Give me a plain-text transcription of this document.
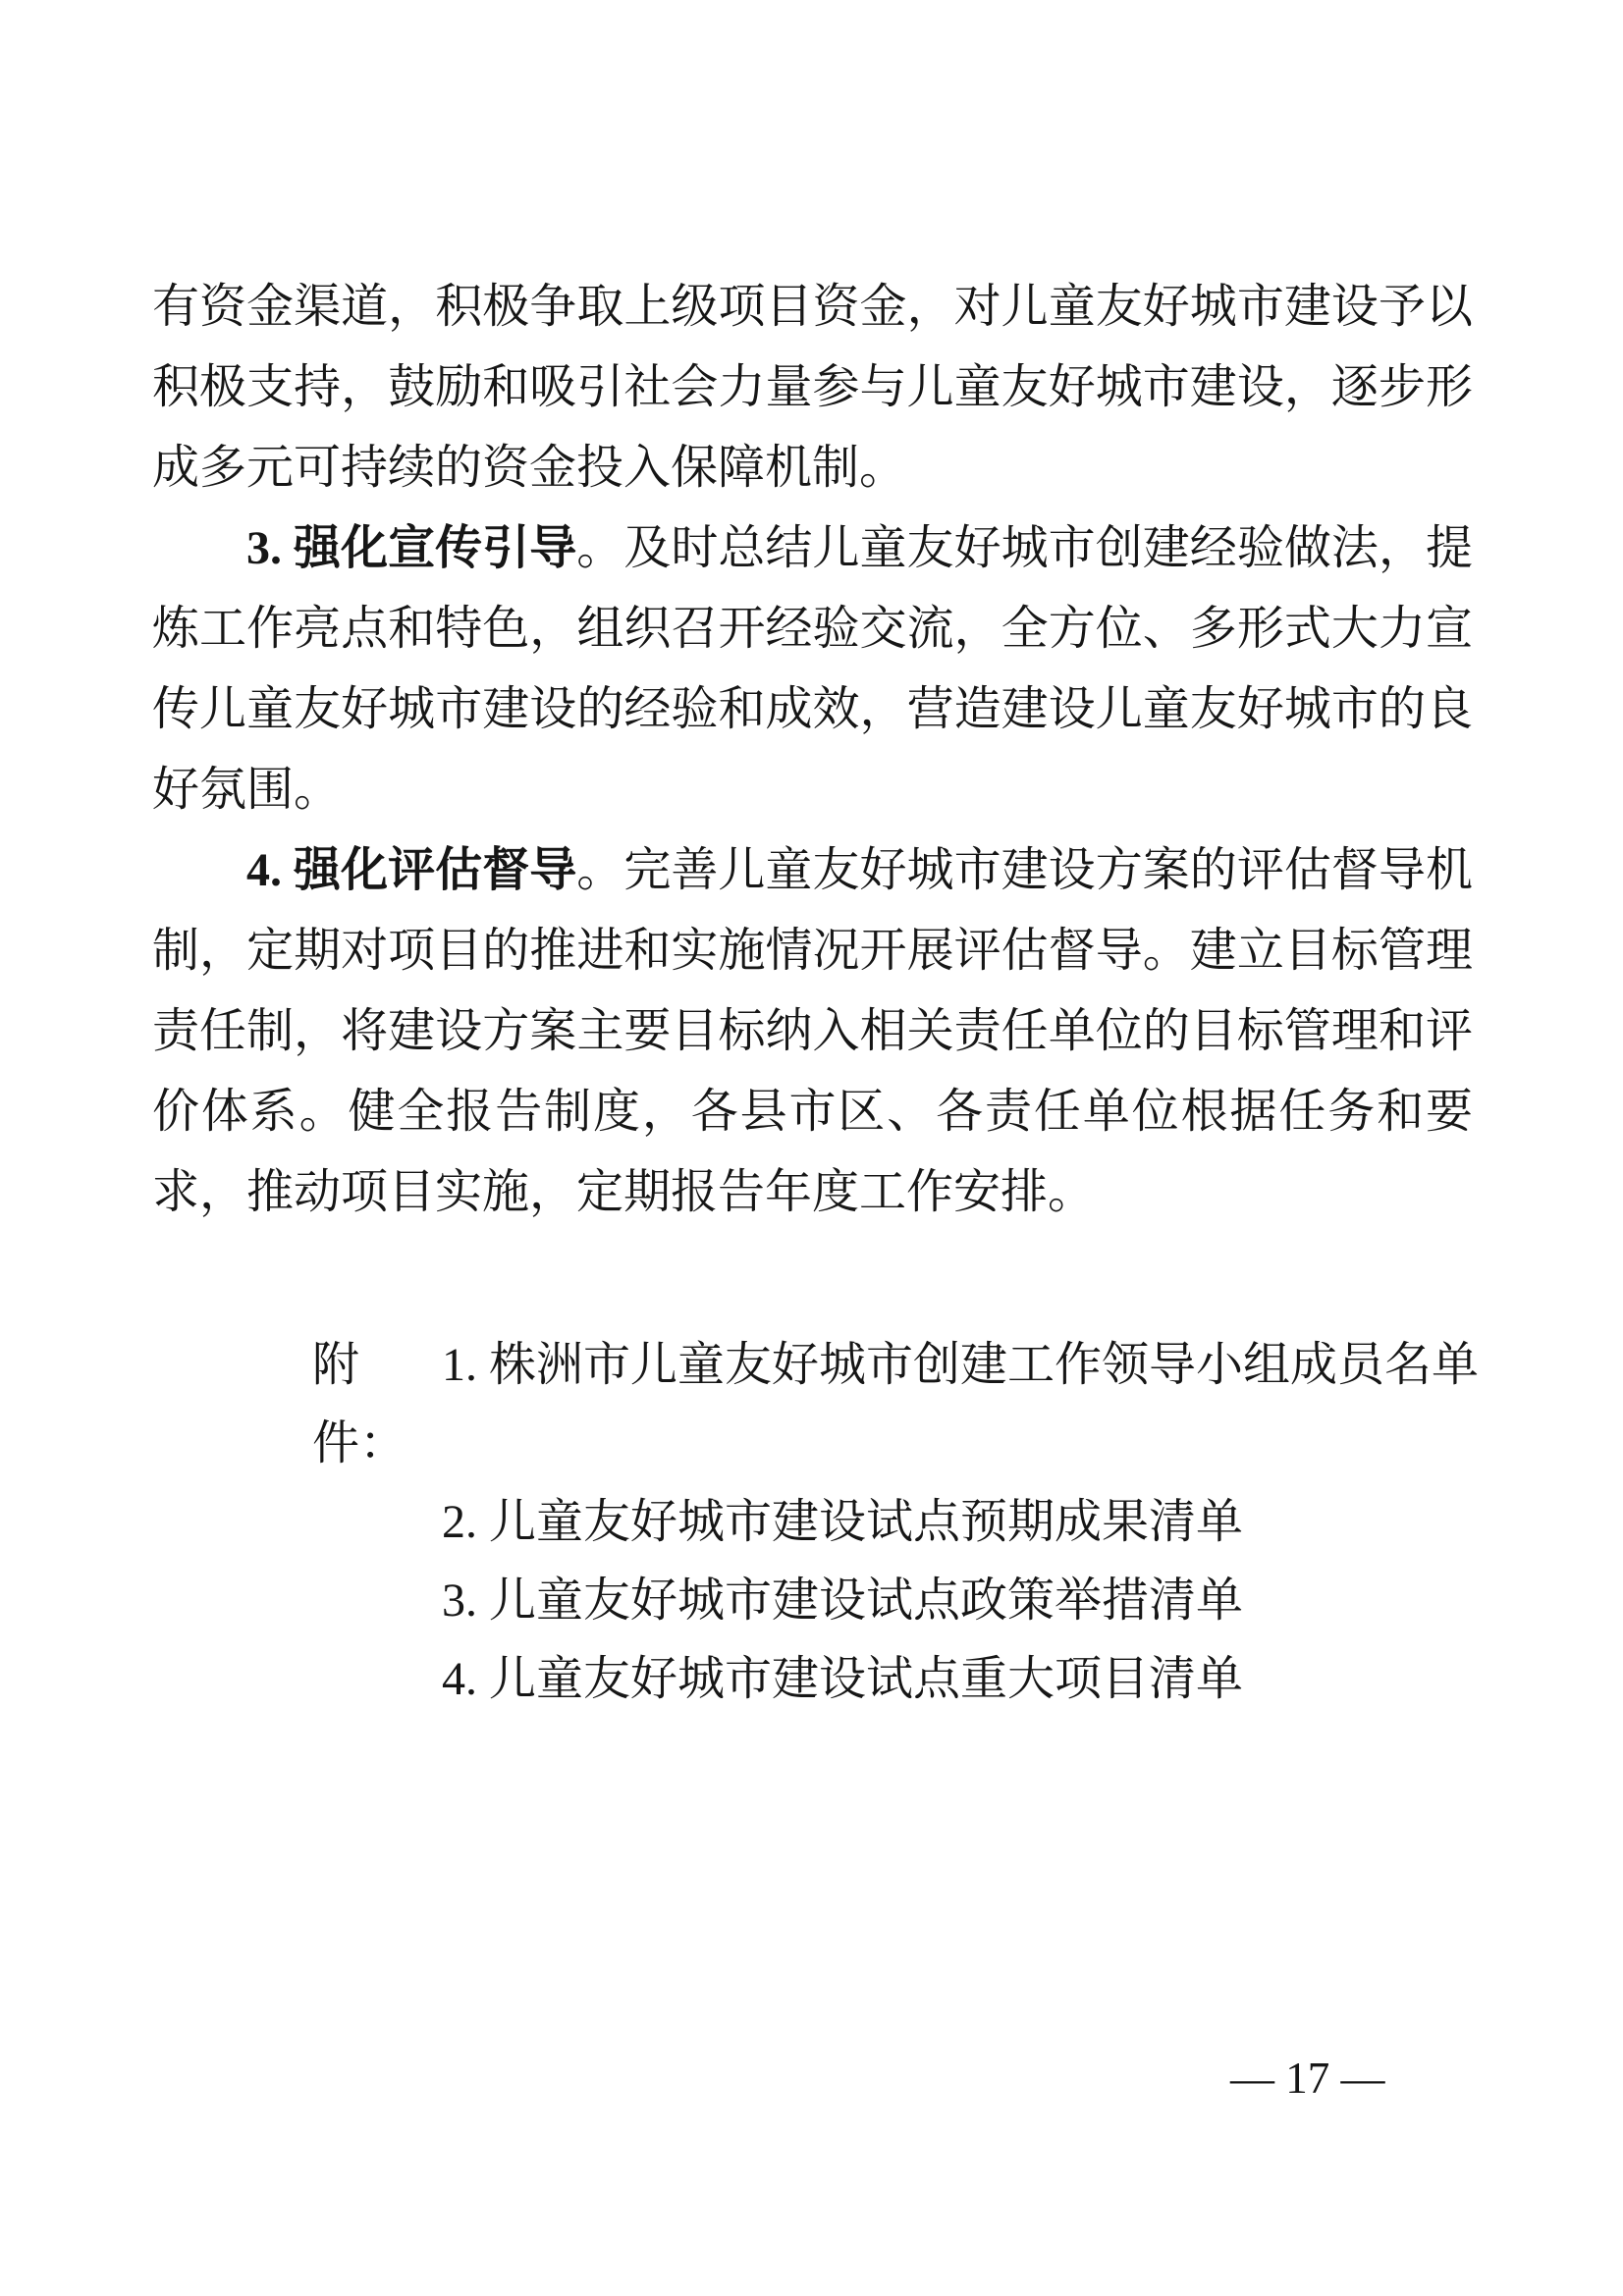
有资金渠道，积极争取上级项目资金，对儿童友好城市建设予以积极支持，鼓励和吸引社会力量参与儿童友好城市建设，逐步形成多元可持续的资金投入保障机制。

3. 强化宣传引导。及时总结儿童友好城市创建经验做法，提炼工作亮点和特色，组织召开经验交流，全方位、多形式大力宣传儿童友好城市建设的经验和成效，营造建设儿童友好城市的良好氛围。

4. 强化评估督导。完善儿童友好城市建设方案的评估督导机制，定期对项目的推进和实施情况开展评估督导。建立目标管理责任制，将建设方案主要目标纳入相关责任单位的目标管理和评价体系。健全报告制度，各县市区、各责任单位根据任务和要求，推动项目实施，定期报告年度工作安排。

附件：
1. 株洲市儿童友好城市创建工作领导小组成员名单
2. 儿童友好城市建设试点预期成果清单
3. 儿童友好城市建设试点政策举措清单
4. 儿童友好城市建设试点重大项目清单
— 17 —
